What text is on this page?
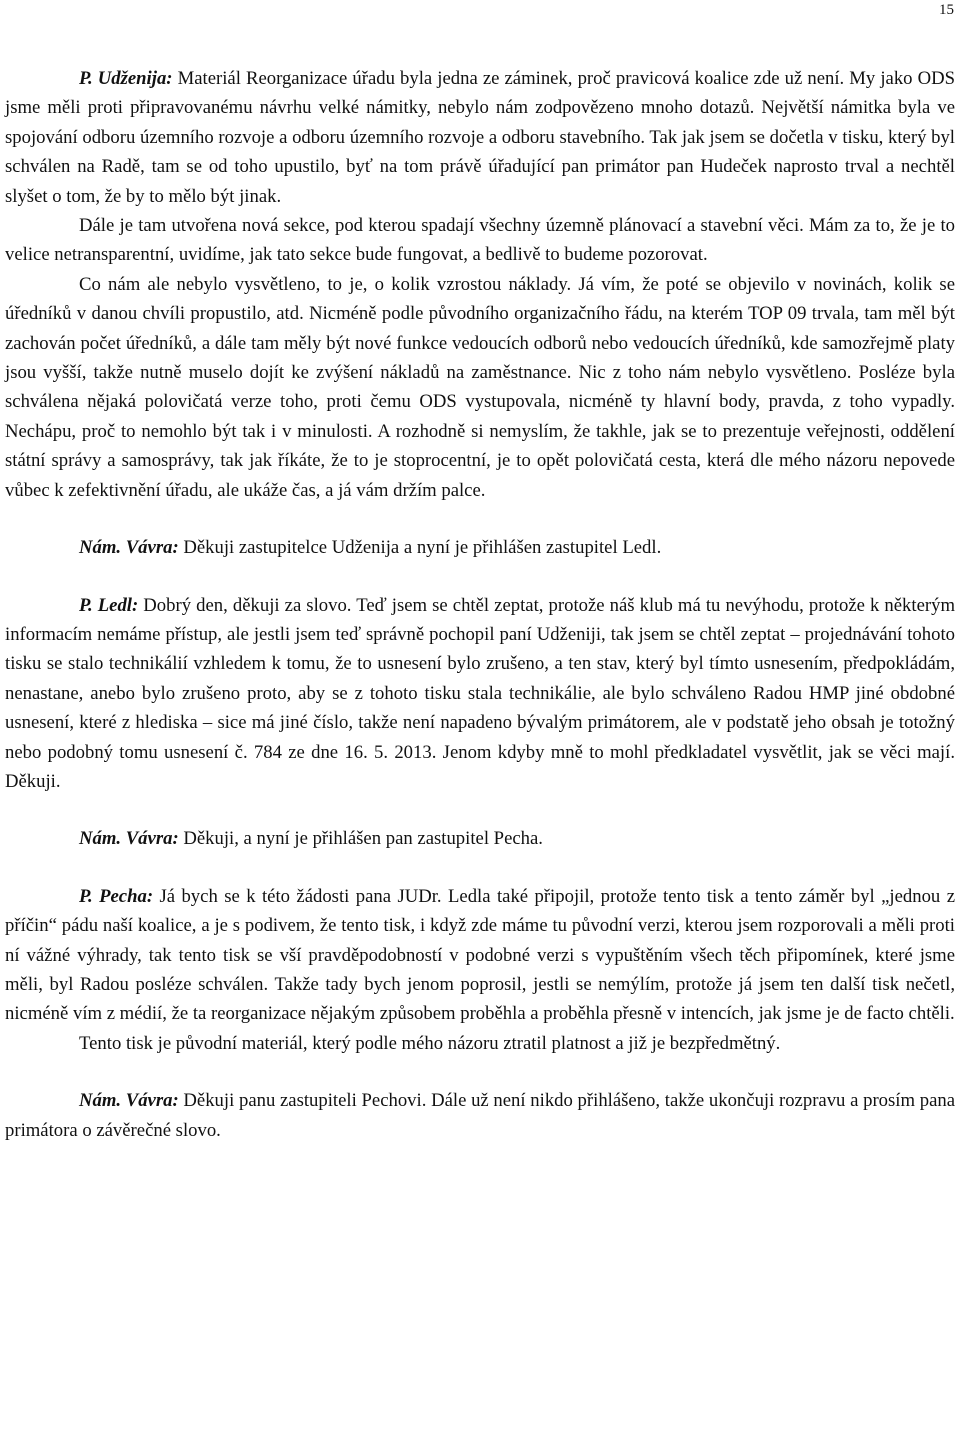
15

P. Udženija: Materiál Reorganizace úřadu byla jedna ze záminek, proč pravicová koalice zde už není. My jako ODS jsme měli proti připravovanému návrhu velké námitky, nebylo nám zodpovězeno mnoho dotazů. Největší námitka byla ve spojování odboru územního rozvoje a odboru územního rozvoje a odboru stavebního. Tak jak jsem se dočetla v tisku, který byl schválen na Radě, tam se od toho upustilo, byť na tom právě úřadující pan primátor pan Hudeček naprosto trval a nechtěl slyšet o tom, že by to mělo být jinak.

Dále je tam utvořena nová sekce, pod kterou spadají všechny územně plánovací a stavební věci. Mám za to, že je to velice netransparentní, uvidíme, jak tato sekce bude fungovat, a bedlivě to budeme pozorovat.

Co nám ale nebylo vysvětleno, to je, o kolik vzrostou náklady. Já vím, že poté se objevilo v novinách, kolik se úředníků v danou chvíli propustilo, atd. Nicméně podle původního organizačního řádu, na kterém TOP 09 trvala, tam měl být zachován počet úředníků, a dále tam měly být nové funkce vedoucích odborů nebo vedoucích úředníků, kde samozřejmě platy jsou vyšší, takže nutně muselo dojít ke zvýšení nákladů na zaměstnance. Nic z toho nám nebylo vysvětleno. Posléze byla schválena nějaká polovičatá verze toho, proti čemu ODS vystupovala, nicméně ty hlavní body, pravda, z toho vypadly. Nechápu, proč to nemohlo být tak i v minulosti. A rozhodně si nemyslím, že takhle, jak se to prezentuje veřejnosti, oddělení státní správy a samosprávy, tak jak říkáte, že to je stoprocentní, je to opět polovičatá cesta, která dle mého názoru nepovede vůbec k zefektivnění úřadu, ale ukáže čas, a já vám držím palce.

Nám. Vávra: Děkuji zastupitelce Udženija a nyní je přihlášen zastupitel Ledl.

P. Ledl: Dobrý den, děkuji za slovo. Teď jsem se chtěl zeptat, protože náš klub má tu nevýhodu, protože k některým informacím nemáme přístup, ale jestli jsem teď správně pochopil paní Udženiji, tak jsem se chtěl zeptat – projednávání tohoto tisku se stalo technikálií vzhledem k tomu, že to usnesení bylo zrušeno, a ten stav, který byl tímto usnesením, předpokládám, nenastane, anebo bylo zrušeno proto, aby se z tohoto tisku stala technikálie, ale bylo schváleno Radou HMP jiné obdobné usnesení, které z hlediska – sice má jiné číslo, takže není napadeno bývalým primátorem, ale v podstatě jeho obsah je totožný nebo podobný tomu usnesení č. 784 ze dne 16. 5. 2013. Jenom kdyby mně to mohl předkladatel vysvětlit, jak se věci mají. Děkuji.

Nám. Vávra: Děkuji, a nyní je přihlášen pan zastupitel Pecha.

P. Pecha: Já bych se k této žádosti pana JUDr. Ledla také připojil, protože tento tisk a tento záměr byl „jednou z příčin“ pádu naší koalice, a je s podivem, že tento tisk, i když zde máme tu původní verzi, kterou jsem rozporovali a měli proti ní vážné výhrady, tak tento tisk se vší pravděpodobností v podobné verzi s vypuštěním všech těch připomínek, které jsme měli, byl Radou posléze schválen. Takže tady bych jenom poprosil, jestli se nemýlím, protože já jsem ten další tisk nečetl, nicméně vím z médií, že ta reorganizace nějakým způsobem proběhla a proběhla přesně v intencích, jak jsme je de facto chtěli.

Tento tisk je původní materiál, který podle mého názoru ztratil platnost a již je bezpředmětný.

Nám. Vávra: Děkuji panu zastupiteli Pechovi. Dále už není nikdo přihlášeno, takže ukončuji rozpravu a prosím pana primátora o závěrečné slovo.
